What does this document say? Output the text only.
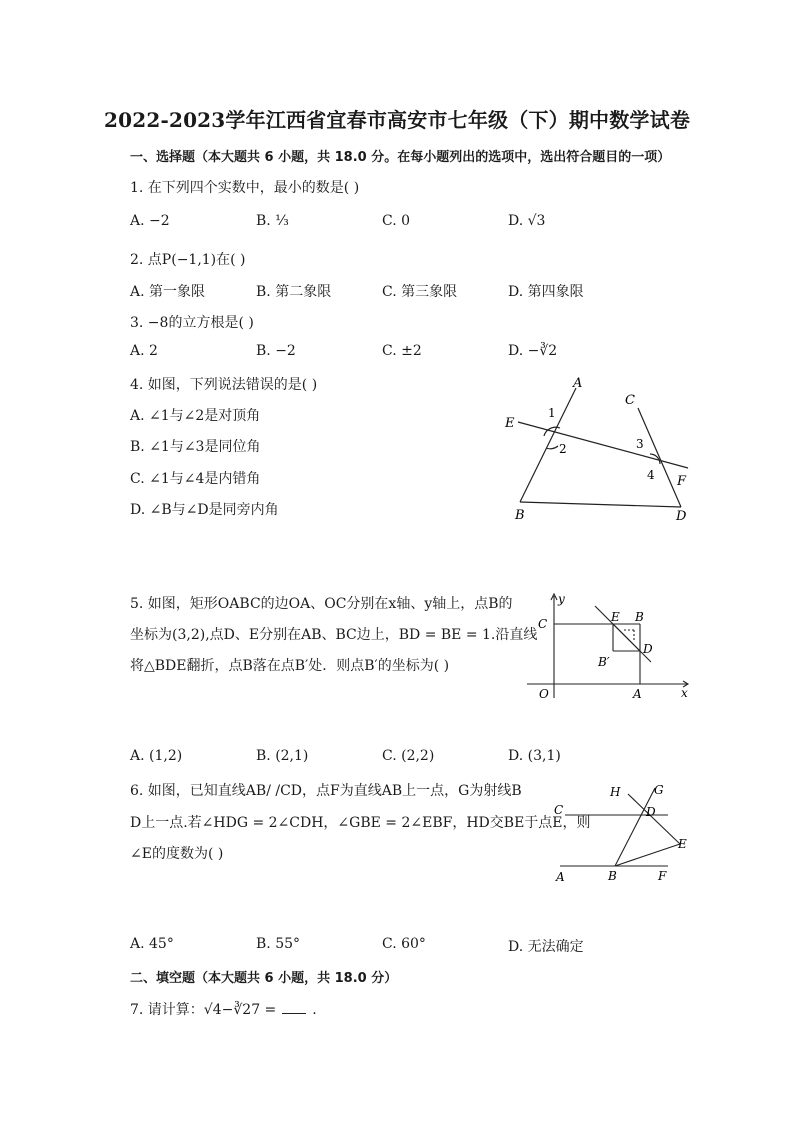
2022-2023学年江西省宜春市高安市七年级（下）期中数学试卷
一、选择题（本大题共 6 小题，共 18.0 分。在每小题列出的选项中，选出符合题目的一项）
1. 在下列四个实数中，最小的数是( )
A. −2	B. ⅓	C. 0	D. √3
2. 点P(−1,1)在( )
A. 第一象限	B. 第二象限	C. 第三象限	D. 第四象限
3. −8的立方根是( )
A. 2	B. −2	C. ±2	D. −∛2
4. 如图，下列说法错误的是( )
A. ∠1与∠2是对顶角
B. ∠1与∠3是同位角
C. ∠1与∠4是内错角
D. ∠B与∠D是同旁内角
A
C
E
F
B	D
1
2	3
4
5. 如图，矩形OABC的边OA、OC分别在x轴、y轴上，点B的
坐标为(3,2),点D、E分别在AB、BC边上，BD = BE = 1.沿直线
将△BDE翻折，点B落在点B′处．则点B′的坐标为( )
y
x
O	A
B
C
D
E
B′
A. (1,2)	B. (2,1)	C. (2,2)	D. (3,1)
6. 如图，已知直线AB/ /CD，点F为直线AB上一点，G为射线B
D上一点.若∠HDG = 2∠CDH，∠GBE = 2∠EBF，HD交BE于点E，则
∠E的度数为( )
H	G
C	D
E
A	B	F
A. 45°	B. 55°	C. 60°	D. 无法确定
二、填空题（本大题共 6 小题，共 18.0 分）
7. 请计算：√4−∛27 =	.
